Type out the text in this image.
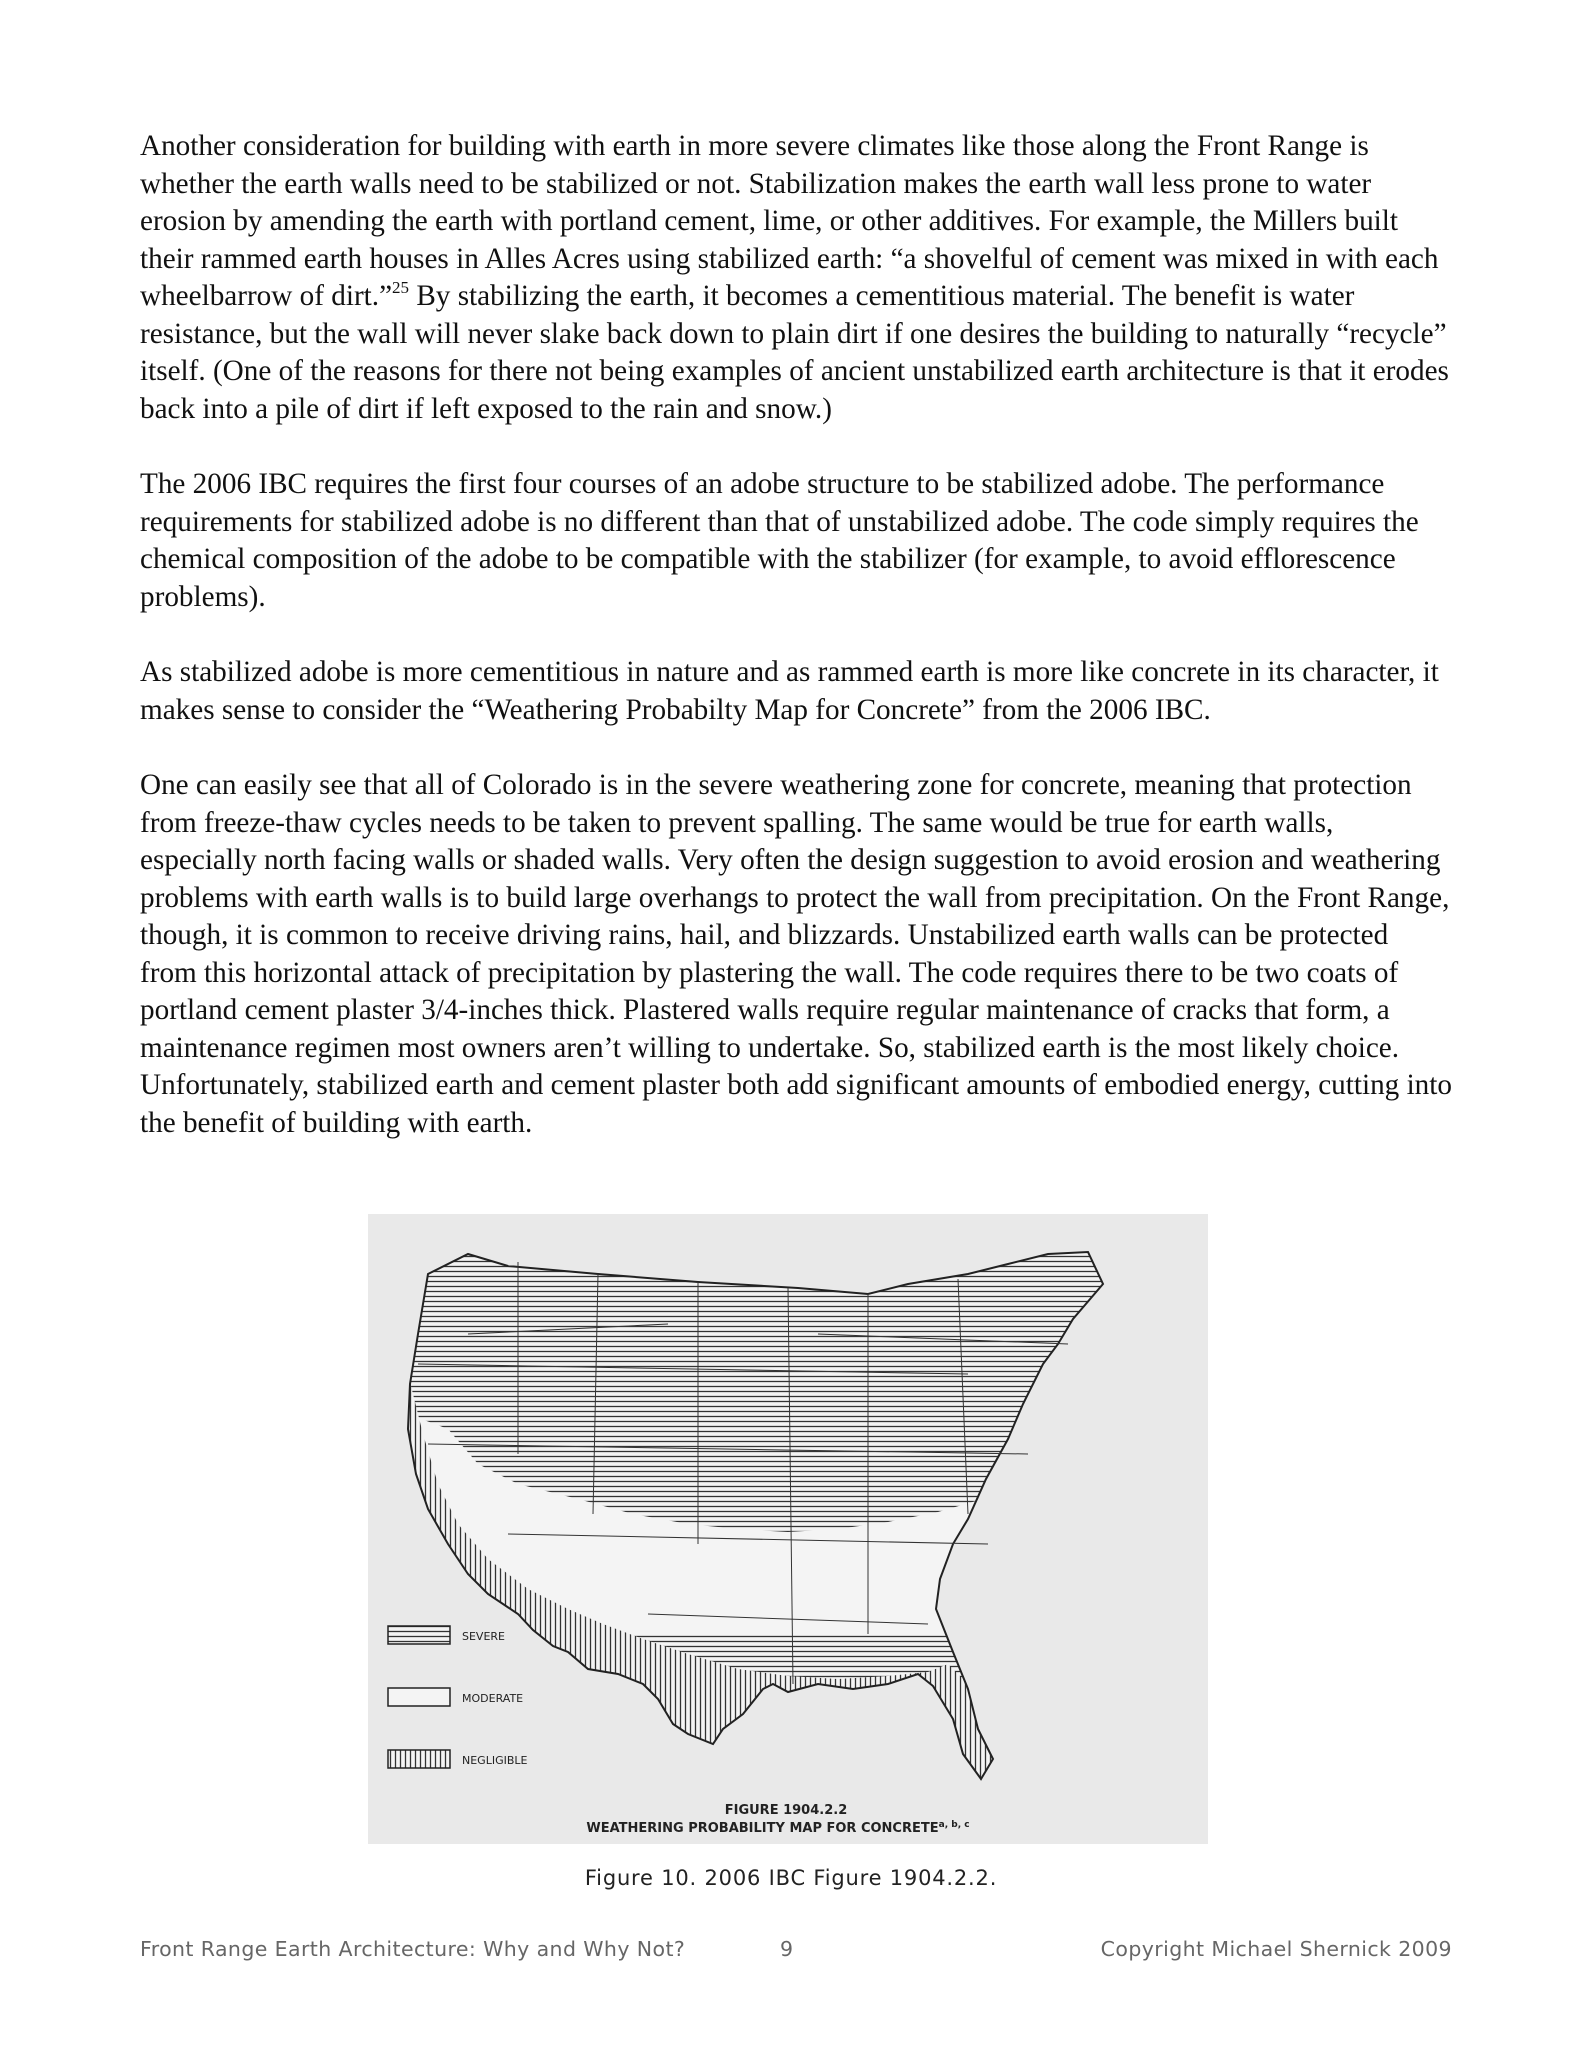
Another consideration for building with earth in more severe climates like those along the Front Range is whether the earth walls need to be stabilized or not. Stabilization makes the earth wall less prone to water erosion by amending the earth with portland cement, lime, or other additives. For example, the Millers built their rammed earth houses in Alles Acres using stabilized earth: “a shovelful of cement was mixed in with each wheelbarrow of dirt.”$^{25}$ By stabilizing the earth, it becomes a cementitious material. The benefit is water resistance, but the wall will never slake back down to plain dirt if one desires the building to naturally “recycle” itself. (One of the reasons for there not being examples of ancient unstabilized earth architecture is that it erodes back into a pile of dirt if left exposed to the rain and snow.)

The 2006 IBC requires the first four courses of an adobe structure to be stabilized adobe. The performance requirements for stabilized adobe is no different than that of unstabilized adobe. The code simply requires the chemical composition of the adobe to be compatible with the stabilizer (for example, to avoid efflorescence problems).

As stabilized adobe is more cementitious in nature and as rammed earth is more like concrete in its character, it makes sense to consider the “Weathering Probabilty Map for Concrete” from the 2006 IBC.

One can easily see that all of Colorado is in the severe weathering zone for concrete, meaning that protection from freeze-thaw cycles needs to be taken to prevent spalling. The same would be true for earth walls, especially north facing walls or shaded walls. Very often the design suggestion to avoid erosion and weathering problems with earth walls is to build large overhangs to protect the wall from precipitation. On the Front Range, though, it is common to receive driving rains, hail, and blizzards. Unstabilized earth walls can be protected from this horizontal attack of precipitation by plastering the wall. The code requires there to be two coats of portland cement plaster 3/4-inches thick. Plastered walls require regular maintenance of cracks that form, a maintenance regimen most owners aren’t willing to undertake. So, stabilized earth is the most likely choice. Unfortunately, stabilized earth and cement plaster both add significant amounts of embodied energy, cutting into the benefit of building with earth.

SEVERE
MODERATE
NEGLIGIBLE
FIGURE 1904.2.2
WEATHERING PROBABILITY MAP FOR CONCRETE$^{a, b, c}$
Figure 10. 2006 IBC Figure 1904.2.2.
Front Range Earth Architecture: Why and Why Not?	9	Copyright Michael Shernick 2009
